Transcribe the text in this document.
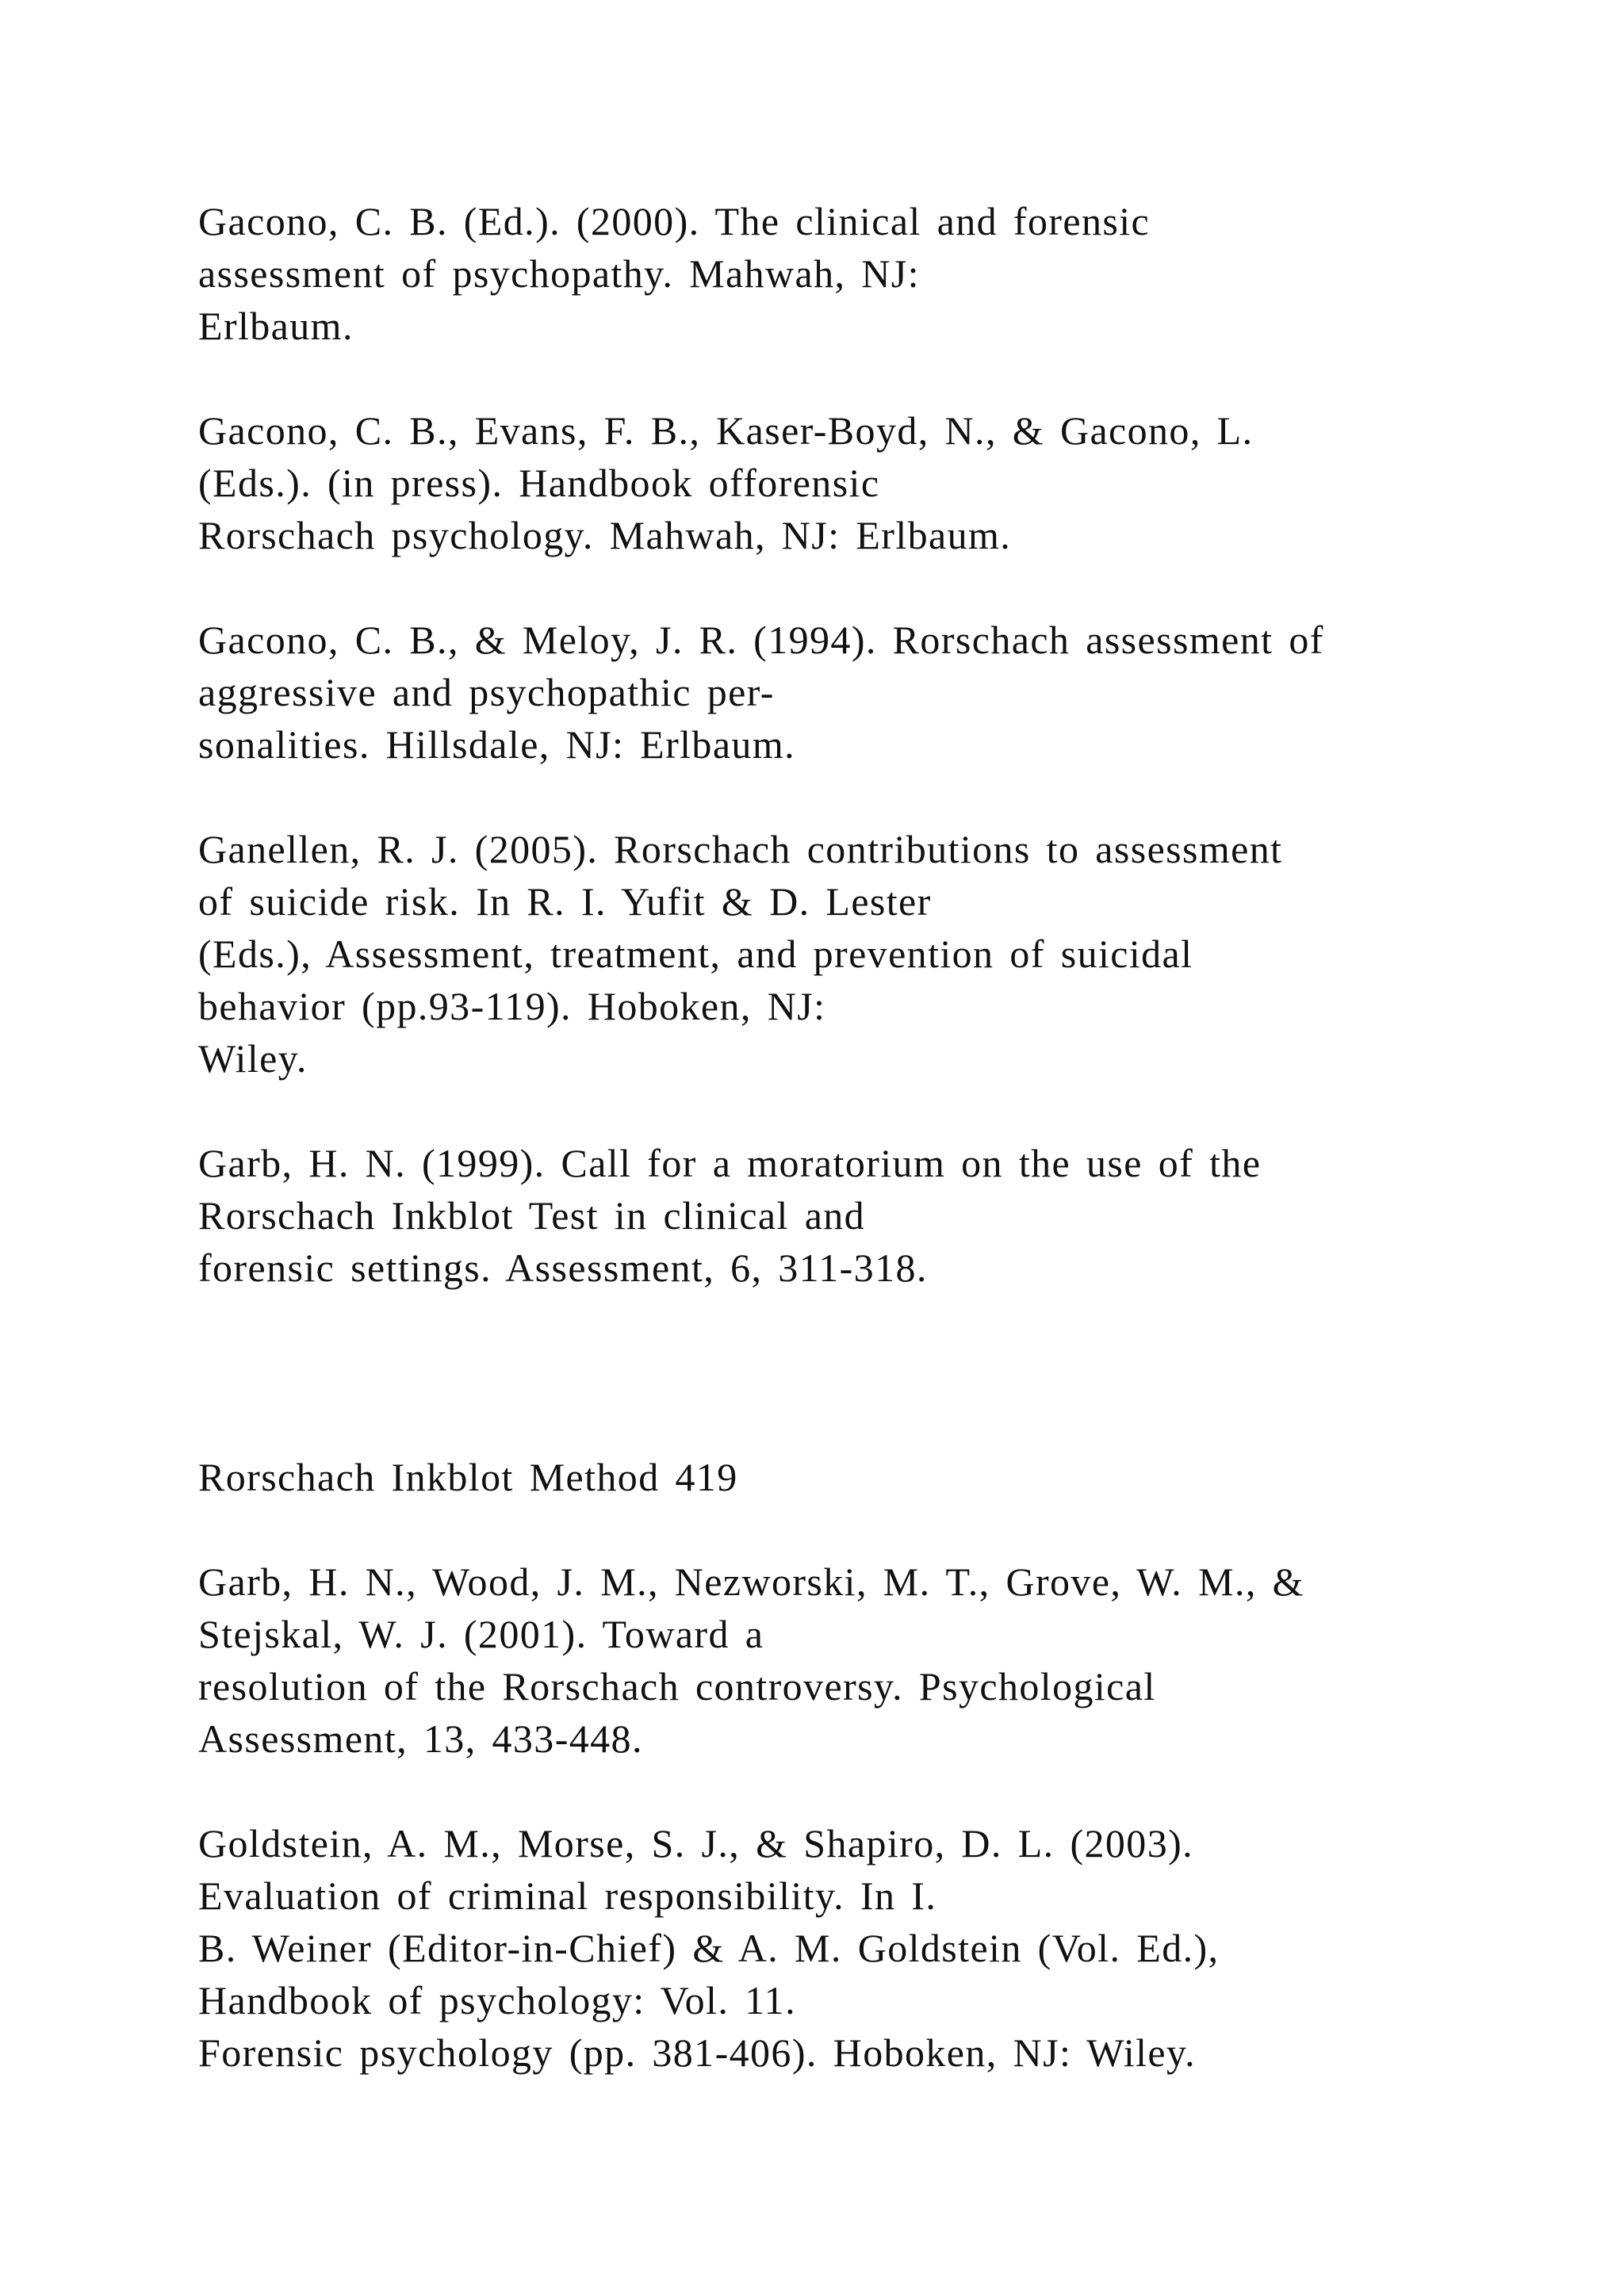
Gacono, C. B. (Ed.). (2000). The clinical and forensic
assessment of psychopathy. Mahwah, NJ:
Erlbaum.
Gacono, C. B., Evans, F. B., Kaser-Boyd, N., & Gacono, L.
(Eds.). (in press). Handbook offorensic
Rorschach psychology. Mahwah, NJ: Erlbaum.
Gacono, C. B., & Meloy, J. R. (1994). Rorschach assessment of
aggressive and psychopathic per-
sonalities. Hillsdale, NJ: Erlbaum.
Ganellen, R. J. (2005). Rorschach contributions to assessment
of suicide risk. In R. I. Yufit & D. Lester
(Eds.), Assessment, treatment, and prevention of suicidal
behavior (pp.93-119). Hoboken, NJ:
Wiley.
Garb, H. N. (1999). Call for a moratorium on the use of the
Rorschach Inkblot Test in clinical and
forensic settings. Assessment, 6, 311-318.
Rorschach Inkblot Method 419
Garb, H. N., Wood, J. M., Nezworski, M. T., Grove, W. M., &
Stejskal, W. J. (2001). Toward a
resolution of the Rorschach controversy. Psychological
Assessment, 13, 433-448.
Goldstein, A. M., Morse, S. J., & Shapiro, D. L. (2003).
Evaluation of criminal responsibility. In I.
B. Weiner (Editor-in-Chief) & A. M. Goldstein (Vol. Ed.),
Handbook of psychology: Vol. 11.
Forensic psychology (pp. 381-406). Hoboken, NJ: Wiley.
